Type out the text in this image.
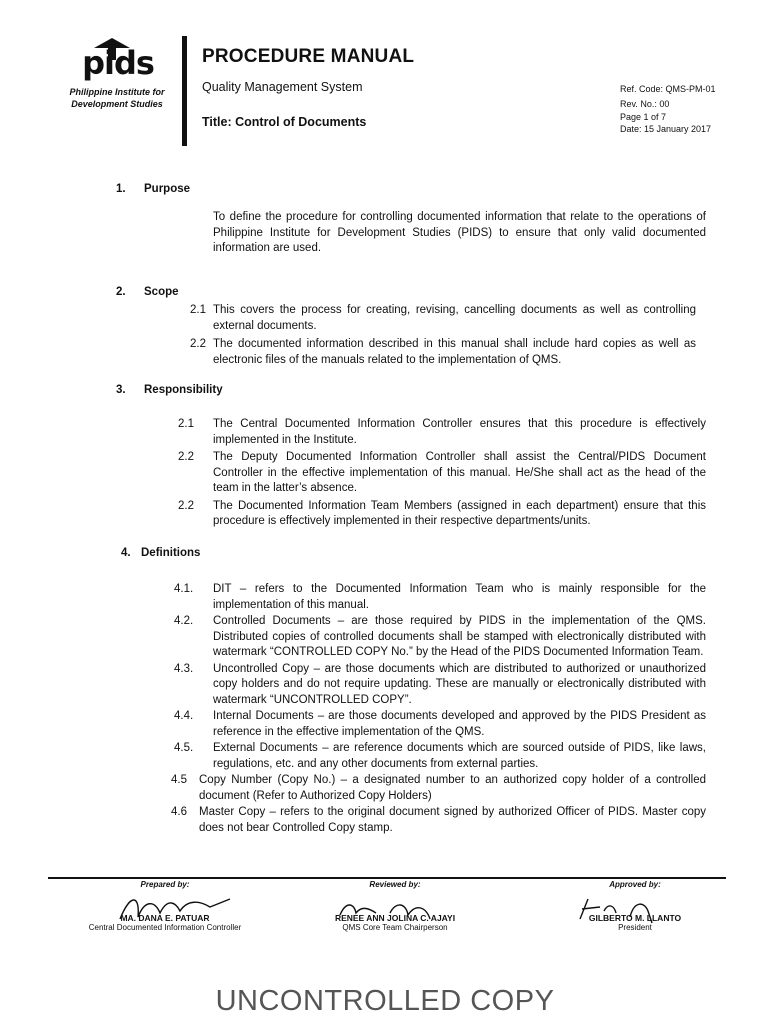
pids
Philippine Institute for
Development Studies
PROCEDURE MANUAL
Quality Management System
Title: Control of Documents
Ref. Code: QMS-PM-01
Rev. No.: 00
Page 1 of 7
Date: 15 January 2017
1. Purpose
To define the procedure for controlling documented information that relate to the operations of Philippine Institute for Development Studies (PIDS) to ensure that only valid documented information are used.
2. Scope
2.1 This covers the process for creating, revising, cancelling documents as well as controlling external documents.
2.2 The documented information described in this manual shall include hard copies as well as electronic files of the manuals related to the implementation of QMS.
3. Responsibility
2.1	The Central Documented Information Controller ensures that this procedure is effectively implemented in the Institute.
2.2	The Deputy Documented Information Controller shall assist the Central/PIDS Document Controller in the effective implementation of this manual. He/She shall act as the head of the team in the latter’s absence.
2.2	The Documented Information Team Members (assigned in each department) ensure that this procedure is effectively implemented in their respective departments/units.
4. Definitions
4.1.	DIT – refers to the Documented Information Team who is mainly responsible for the implementation of this manual.
4.2.	Controlled Documents – are those required by PIDS in the implementation of the QMS. Distributed copies of controlled documents shall be stamped with electronically distributed with watermark “CONTROLLED COPY No.” by the Head of the PIDS Documented Information Team.
4.3.	Uncontrolled Copy – are those documents which are distributed to authorized or unauthorized copy holders and do not require updating. These are manually or electronically distributed with watermark “UNCONTROLLED COPY”.
4.4.	Internal Documents – are those documents developed and approved by the PIDS President as reference in the effective implementation of the QMS.
4.5.	External Documents – are reference documents which are sourced outside of PIDS, like laws, regulations, etc. and any other documents from external parties.
4.5	Copy Number (Copy No.) – a designated number to an authorized copy holder of a controlled document (Refer to Authorized Copy Holders)
4.6	Master Copy – refers to the original document signed by authorized Officer of PIDS. Master copy does not bear Controlled Copy stamp.
Prepared by:
MA. DANA E. PATUAR
Central Documented Information Controller
Reviewed by:
RENEE ANN JOLINA C. AJAYI
QMS Core Team Chairperson
Approved by:
GILBERTO M. LLANTO
President
UNCONTROLLED COPY
